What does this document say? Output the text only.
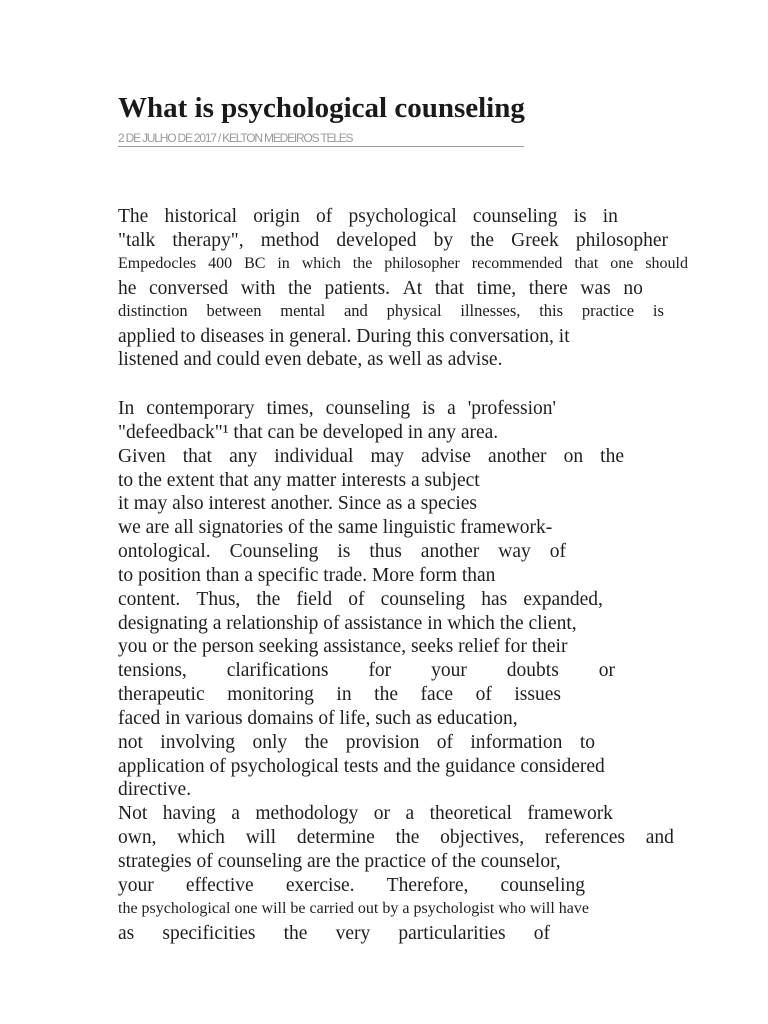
What is psychological counseling
2 DE JULHO DE 2017 / KELTON MEDEIROS TELES
The historical origin of psychological counseling is in
"talk therapy", method developed by the Greek philosopher
Empedocles 400 BC in which the philosopher recommended that one should
he conversed with the patients. At that time, there was no
distinction between mental and physical illnesses, this practice is
applied to diseases in general. During this conversation, it
listened and could even debate, as well as advise.
In contemporary times, counseling is a 'profession'
"defeedback"¹ that can be developed in any area.
Given that any individual may advise another on the
to the extent that any matter interests a subject
it may also interest another. Since as a species
we are all signatories of the same linguistic framework-
ontological. Counseling is thus another way of
to position than a specific trade. More form than
content. Thus, the field of counseling has expanded,
designating a relationship of assistance in which the client,
you or the person seeking assistance, seeks relief for their
tensions, clarifications for your doubts or
therapeutic monitoring in the face of issues
faced in various domains of life, such as education,
not involving only the provision of information to
application of psychological tests and the guidance considered
directive.
Not having a methodology or a theoretical framework
own, which will determine the objectives, references and
strategies of counseling are the practice of the counselor,
your effective exercise. Therefore, counseling
the psychological one will be carried out by a psychologist who will have
as specificities the very particularities of
